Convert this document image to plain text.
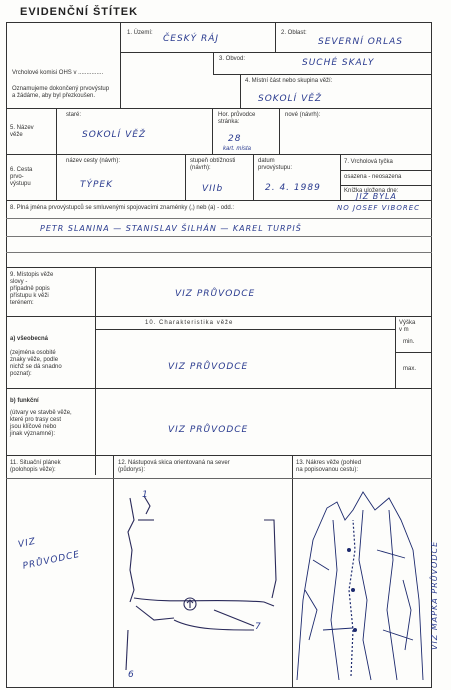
EVIDENČNÍ ŠTÍTEK
1. Území:
ČESKÝ RÁJ
2. Oblast:
SEVERNÍ ORLAS
Vrcholové komisi OHS v ...............
3. Obvod:	SUCHÉ SKALY
Oznamujeme dokončený prvovýstup
a žádáme, aby byl přezkoušen.
4. Místní část nebo skupina věží:
SOKOLÍ VĚŽ
5. Název
věže
staré:
SOKOLÍ VĚŽ
Hor. průvodce
stránka:
28
kart. místa
nové (návrh):
6. Cesta
prvo-
výstupu
název cesty (návrh):
TÝPEK
stupeň obtížnosti
(návrh):
VIIb
datum
prvovýstupu:
2. 4. 1989
7. Vrcholová tyčka
osazena - neosazena
Knížka uložena dne:
JIŽ BYLA
8. Plná jména prvovýstupců se smluvenými spojovacími znaménky (,) neb (a) - odd.:	NO JOSEF VIBOREC
PETR SLANINA — STANISLAV ŠILHÁN — KAREL TURPIŠ
9. Místopis věže
slovy -
případně popis
přístupu k věži
terénem:
VIZ PRŮVODCE
10. Charakteristika věže	Výška
v m
min.
max.
a) všeobecná
(zejména osobité
znaky věže, podle
nichž se dá snadno
poznat):
VIZ PRŮVODCE
b) funkční
(útvary ve stavbě věže,
které pro trasy cest
jsou klíčové nebo
jinak významné):	VIZ PRŮVODCE
11. Situační plánek
(polohopis věže):
12. Nástupová skica orientovaná na sever
(půdorys):
13. Nákres věže (pohled
na popisovanou cestu):
VIZ
PRŮVODCE	VIZ MAPKA PRŮVODCE
1
7
6
